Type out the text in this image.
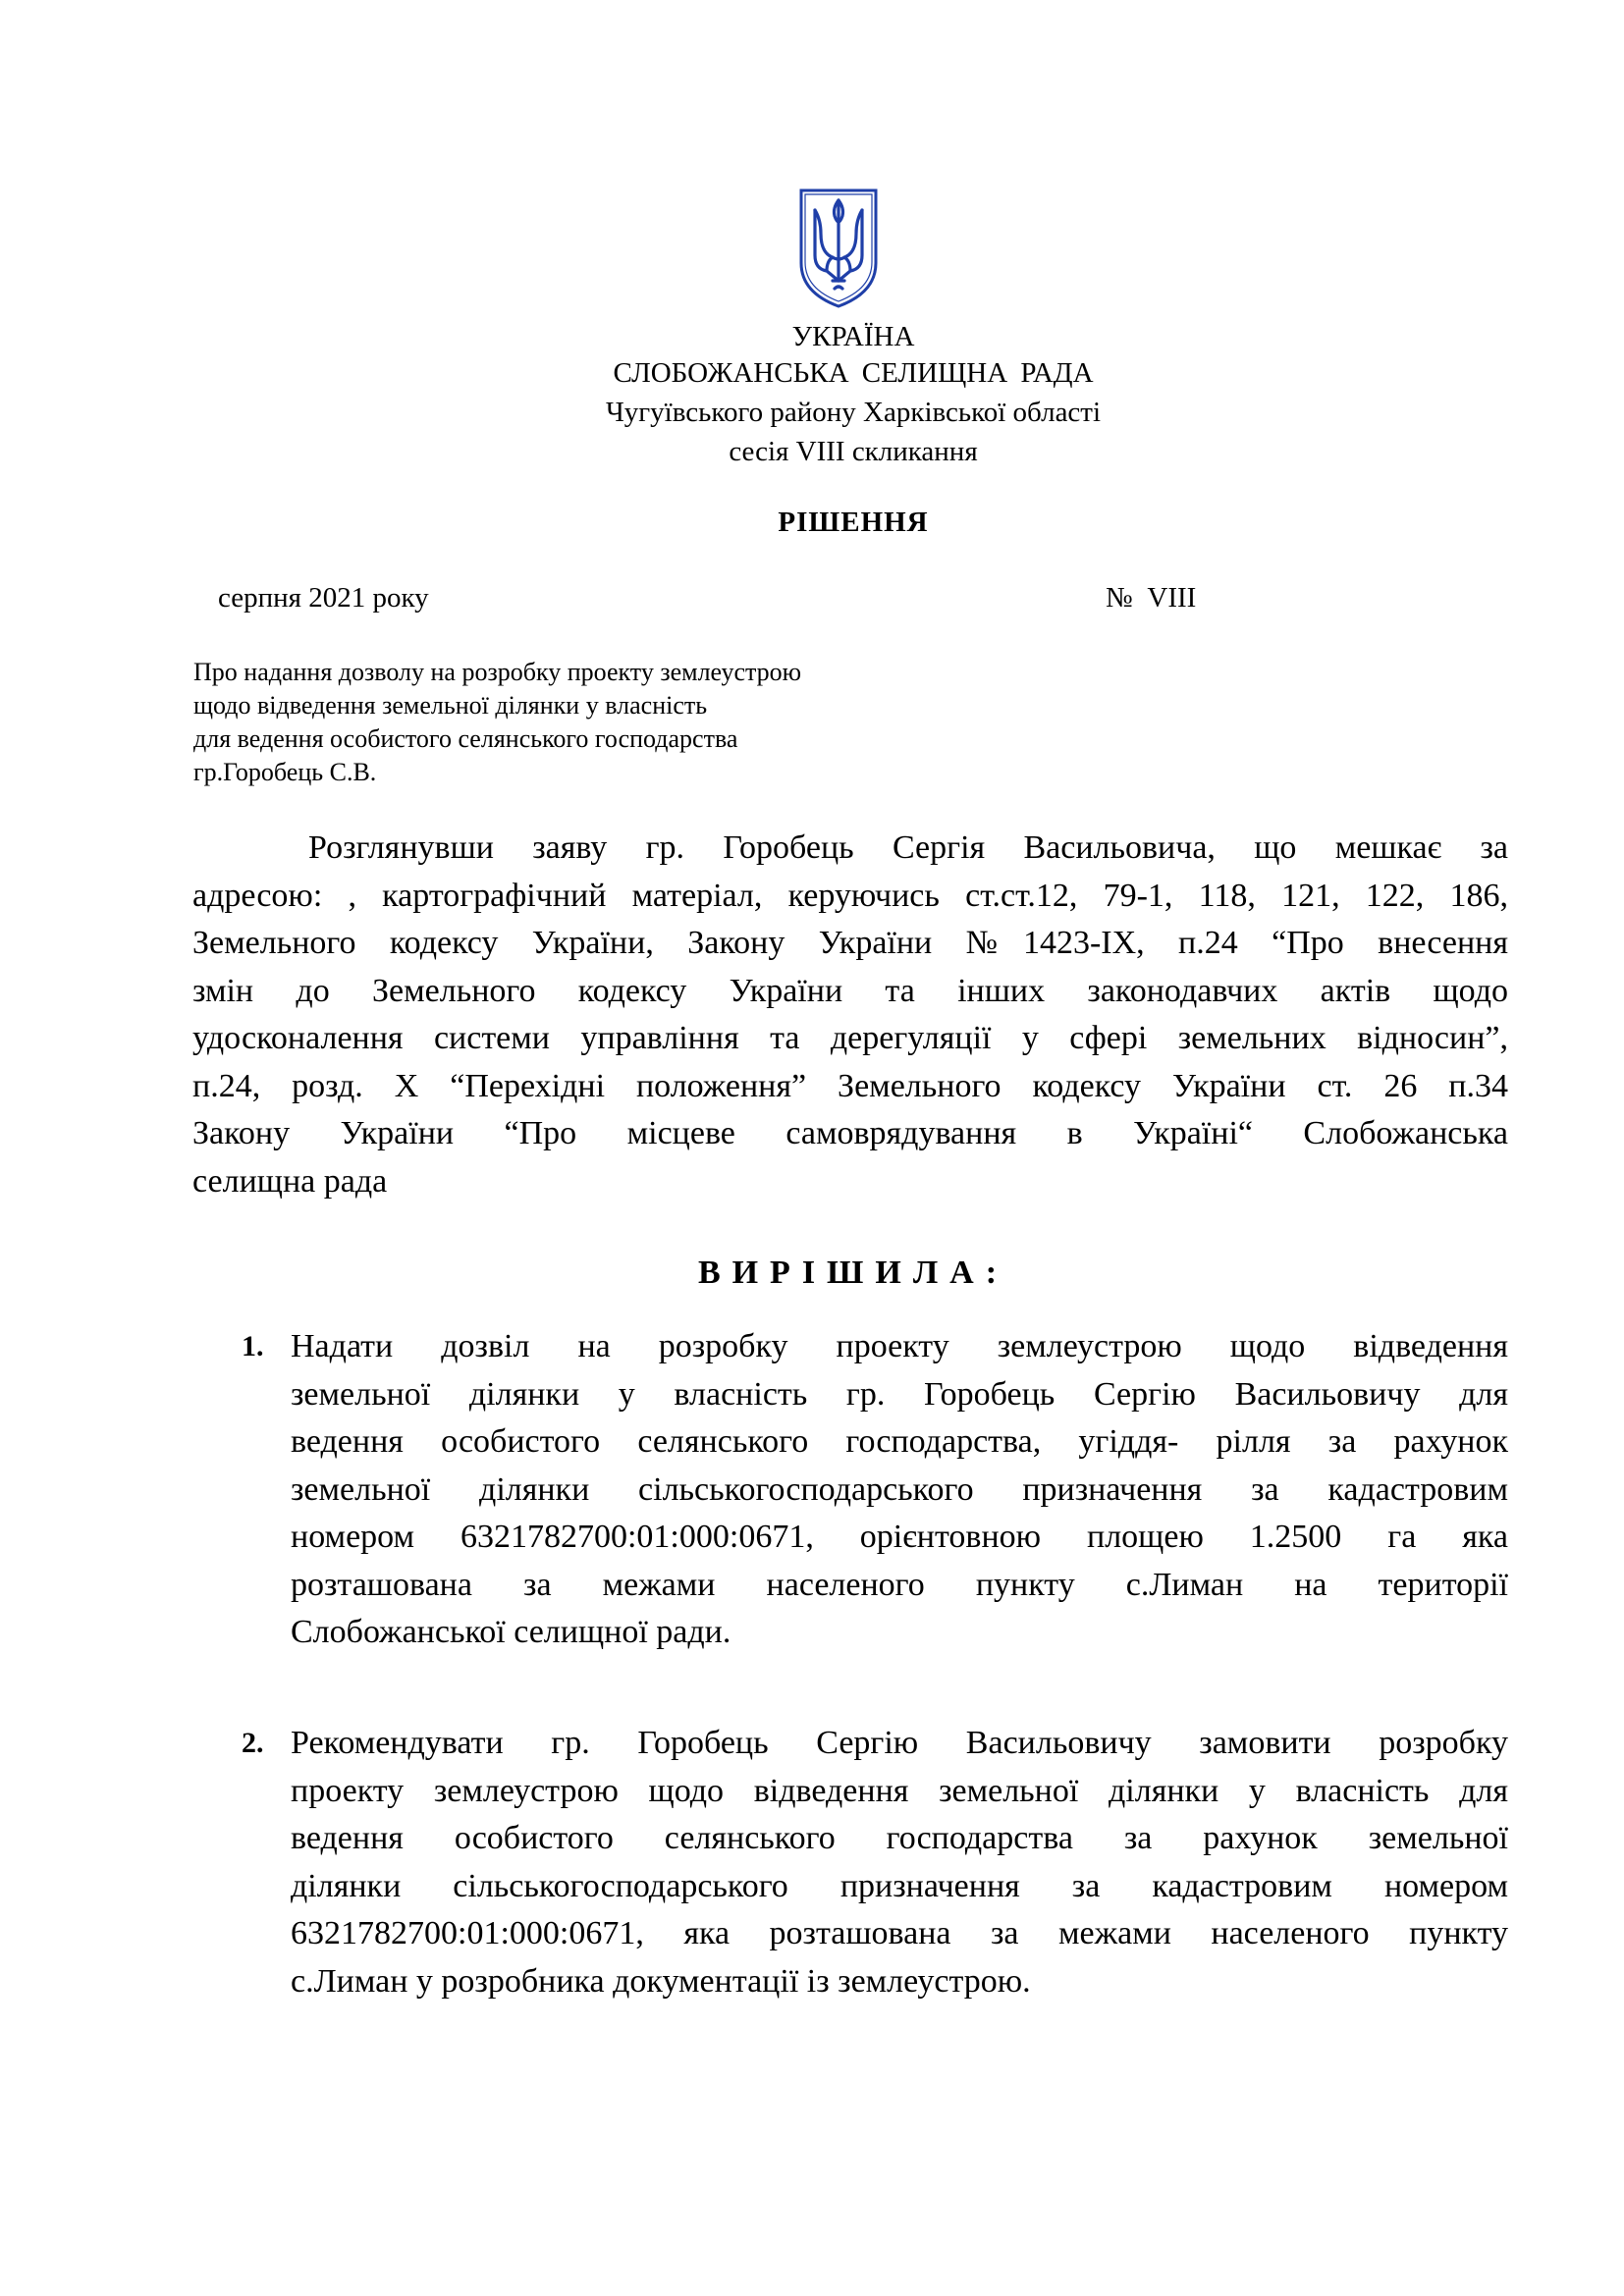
УКРАЇНА
СЛОБОЖАНСЬКА СЕЛИЩНА РАДА
Чугуївського району Харківської області
сесія VIII скликання
РІШЕННЯ
серпня 2021 року	№ VIII
Про надання дозволу на розробку проекту землеустрою
щодо відведення земельної ділянки у власність
для ведення особистого селянського господарства
гр.Горобець С.В.
Розглянувши заяву гр. Горобець Сергія Васильовича, що мешкає за
адресою: , картографічний матеріал, керуючись ст.ст.12, 79-1, 118, 121, 122, 186,
Земельного кодексу України, Закону України №1423-IX, п.24 “Про внесення
змін до Земельного кодексу України та інших законодавчих актів щодо
удосконалення системи управління та дерегуляції у сфері земельних відносин”,
п.24, розд. X “Перехідні положення” Земельного кодексу України ст. 26 п.34
Закону України “Про місцеве самоврядування в Україні“ Слобожанська
селищна рада
ВИРІШИЛА:
1. Надати дозвіл на розробку проекту землеустрою щодо відведення
земельної ділянки у власність гр. Горобець Сергію Васильовичу для
ведення особистого селянського господарства, угіддя- рілля за рахунок
земельної ділянки сільськогосподарського призначення за кадастровим
номером 6321782700:01:000:0671, орієнтовною площею 1.2500 га яка
розташована за межами населеного пункту с.Лиман на території
Слобожанської селищної ради.
2. Рекомендувати гр. Горобець Сергію Васильовичу замовити розробку
проекту землеустрою щодо відведення земельної ділянки у власність для
ведення особистого селянського господарства за рахунок земельної
ділянки сільськогосподарського призначення за кадастровим номером
6321782700:01:000:0671, яка розташована за межами населеного пункту
с.Лиман у розробника документації із землеустрою.
